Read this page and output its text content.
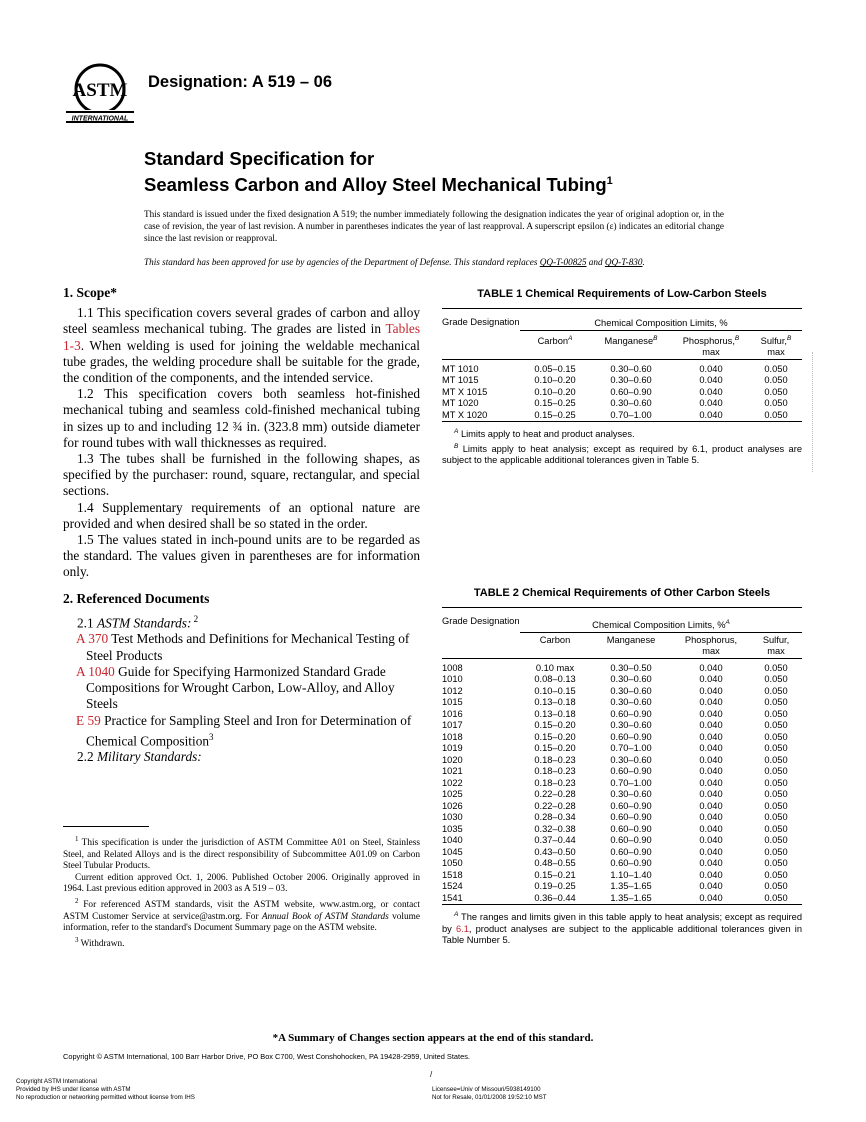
ASTM
INTERNATIONAL
Designation: A 519 – 06
Standard Specification for
Seamless Carbon and Alloy Steel Mechanical Tubing$^1$
This standard is issued under the fixed designation A 519; the number immediately following the designation indicates the year of original adoption or, in the case of revision, the year of last revision. A number in parentheses indicates the year of last reapproval. A superscript epsilon (ε) indicates an editorial change since the last revision or reapproval.
This standard has been approved for use by agencies of the Department of Defense. This standard replaces QQ-T-00825 and QQ-T-830.
1. Scope*

1.1 This specification covers several grades of carbon and alloy steel seamless mechanical tubing. The grades are listed in Tables 1-3. When welding is used for joining the weldable mechanical tube grades, the welding procedure shall be suitable for the grade, the condition of the components, and the intended service.

1.2 This specification covers both seamless hot-finished mechanical tubing and seamless cold-finished mechanical tubing in sizes up to and including 12 ¾ in. (323.8 mm) outside diameter for round tubes with wall thicknesses as required.

1.3 The tubes shall be furnished in the following shapes, as specified by the purchaser: round, square, rectangular, and special sections.

1.4 Supplementary requirements of an optional nature are provided and when desired shall be so stated in the order.

1.5 The values stated in inch-pound units are to be regarded as the standard. The values given in parentheses are for information only.

2. Referenced Documents

2.1 ASTM Standards: $^2$

A 370 Test Methods and Definitions for Mechanical Testing of Steel Products

A 1040 Guide for Specifying Harmonized Standard Grade Compositions for Wrought Carbon, Low-Alloy, and Alloy Steels

E 59 Practice for Sampling Steel and Iron for Determination of Chemical Composition$^3$

2.2 Military Standards:

$^1$ This specification is under the jurisdiction of ASTM Committee A01 on Steel, Stainless Steel, and Related Alloys and is the direct responsibility of Subcommittee A01.09 on Carbon Steel Tubular Products.

Current edition approved Oct. 1, 2006. Published October 2006. Originally approved in 1964. Last previous edition approved in 2003 as A 519 – 03.

$^2$ For referenced ASTM standards, visit the ASTM website, www.astm.org, or contact ASTM Customer Service at service@astm.org. For Annual Book of ASTM Standards volume information, refer to the standard's Document Summary page on the ASTM website.

$^3$ Withdrawn.

TABLE 1 Chemical Requirements of Low-Carbon Steels
Grade Designation	Chemical Composition Limits, %			
	Carbon$^A$	Manganese$^B$	Phosphorus,$^B$
max	Sulfur,$^B$
max

MT 1010	0.05–0.15	0.30–0.60	0.040	0.050
MT 1015	0.10–0.20	0.30–0.60	0.040	0.050
MT X 1015	0.10–0.20	0.60–0.90	0.040	0.050
MT 1020	0.15–0.25	0.30–0.60	0.040	0.050
MT X 1020	0.15–0.25	0.70–1.00	0.040	0.050

$^A$ Limits apply to heat and product analyses.

$^B$ Limits apply to heat analysis; except as required by 6.1, product analyses are subject to the applicable additional tolerances given in Table 5.

TABLE 2 Chemical Requirements of Other Carbon Steels
Grade Designation	Chemical Composition Limits, %$^A$
	Carbon	Manganese	Phosphorus,
max	Sulfur,
max

1008	0.10 max	0.30–0.50	0.040	0.050
1010	0.08–0.13	0.30–0.60	0.040	0.050
1012	0.10–0.15	0.30–0.60	0.040	0.050
1015	0.13–0.18	0.30–0.60	0.040	0.050
1016	0.13–0.18	0.60–0.90	0.040	0.050
1017	0.15–0.20	0.30–0.60	0.040	0.050
1018	0.15–0.20	0.60–0.90	0.040	0.050
1019	0.15–0.20	0.70–1.00	0.040	0.050
1020	0.18–0.23	0.30–0.60	0.040	0.050
1021	0.18–0.23	0.60–0.90	0.040	0.050
1022	0.18–0.23	0.70–1.00	0.040	0.050
1025	0.22–0.28	0.30–0.60	0.040	0.050
1026	0.22–0.28	0.60–0.90	0.040	0.050
1030	0.28–0.34	0.60–0.90	0.040	0.050
1035	0.32–0.38	0.60–0.90	0.040	0.050
1040	0.37–0.44	0.60–0.90	0.040	0.050
1045	0.43–0.50	0.60–0.90	0.040	0.050
1050	0.48–0.55	0.60–0.90	0.040	0.050
1518	0.15–0.21	1.10–1.40	0.040	0.050
1524	0.19–0.25	1.35–1.65	0.040	0.050
1541	0.36–0.44	1.35–1.65	0.040	0.050

$^A$ The ranges and limits given in this table apply to heat analysis; except as required by 6.1, product analyses are subject to the applicable additional tolerances given in Table Number 5.

*A Summary of Changes section appears at the end of this standard.
Copyright © ASTM International, 100 Barr Harbor Drive, PO Box C700, West Conshohocken, PA 19428-2959, United States.
Copyright ASTM International
Provided by IHS under license with ASTM
No reproduction or networking permitted without license from IHS
/
Licensee=Univ of Missouri/5938149100
Not for Resale, 01/01/2008 19:52:10 MST
